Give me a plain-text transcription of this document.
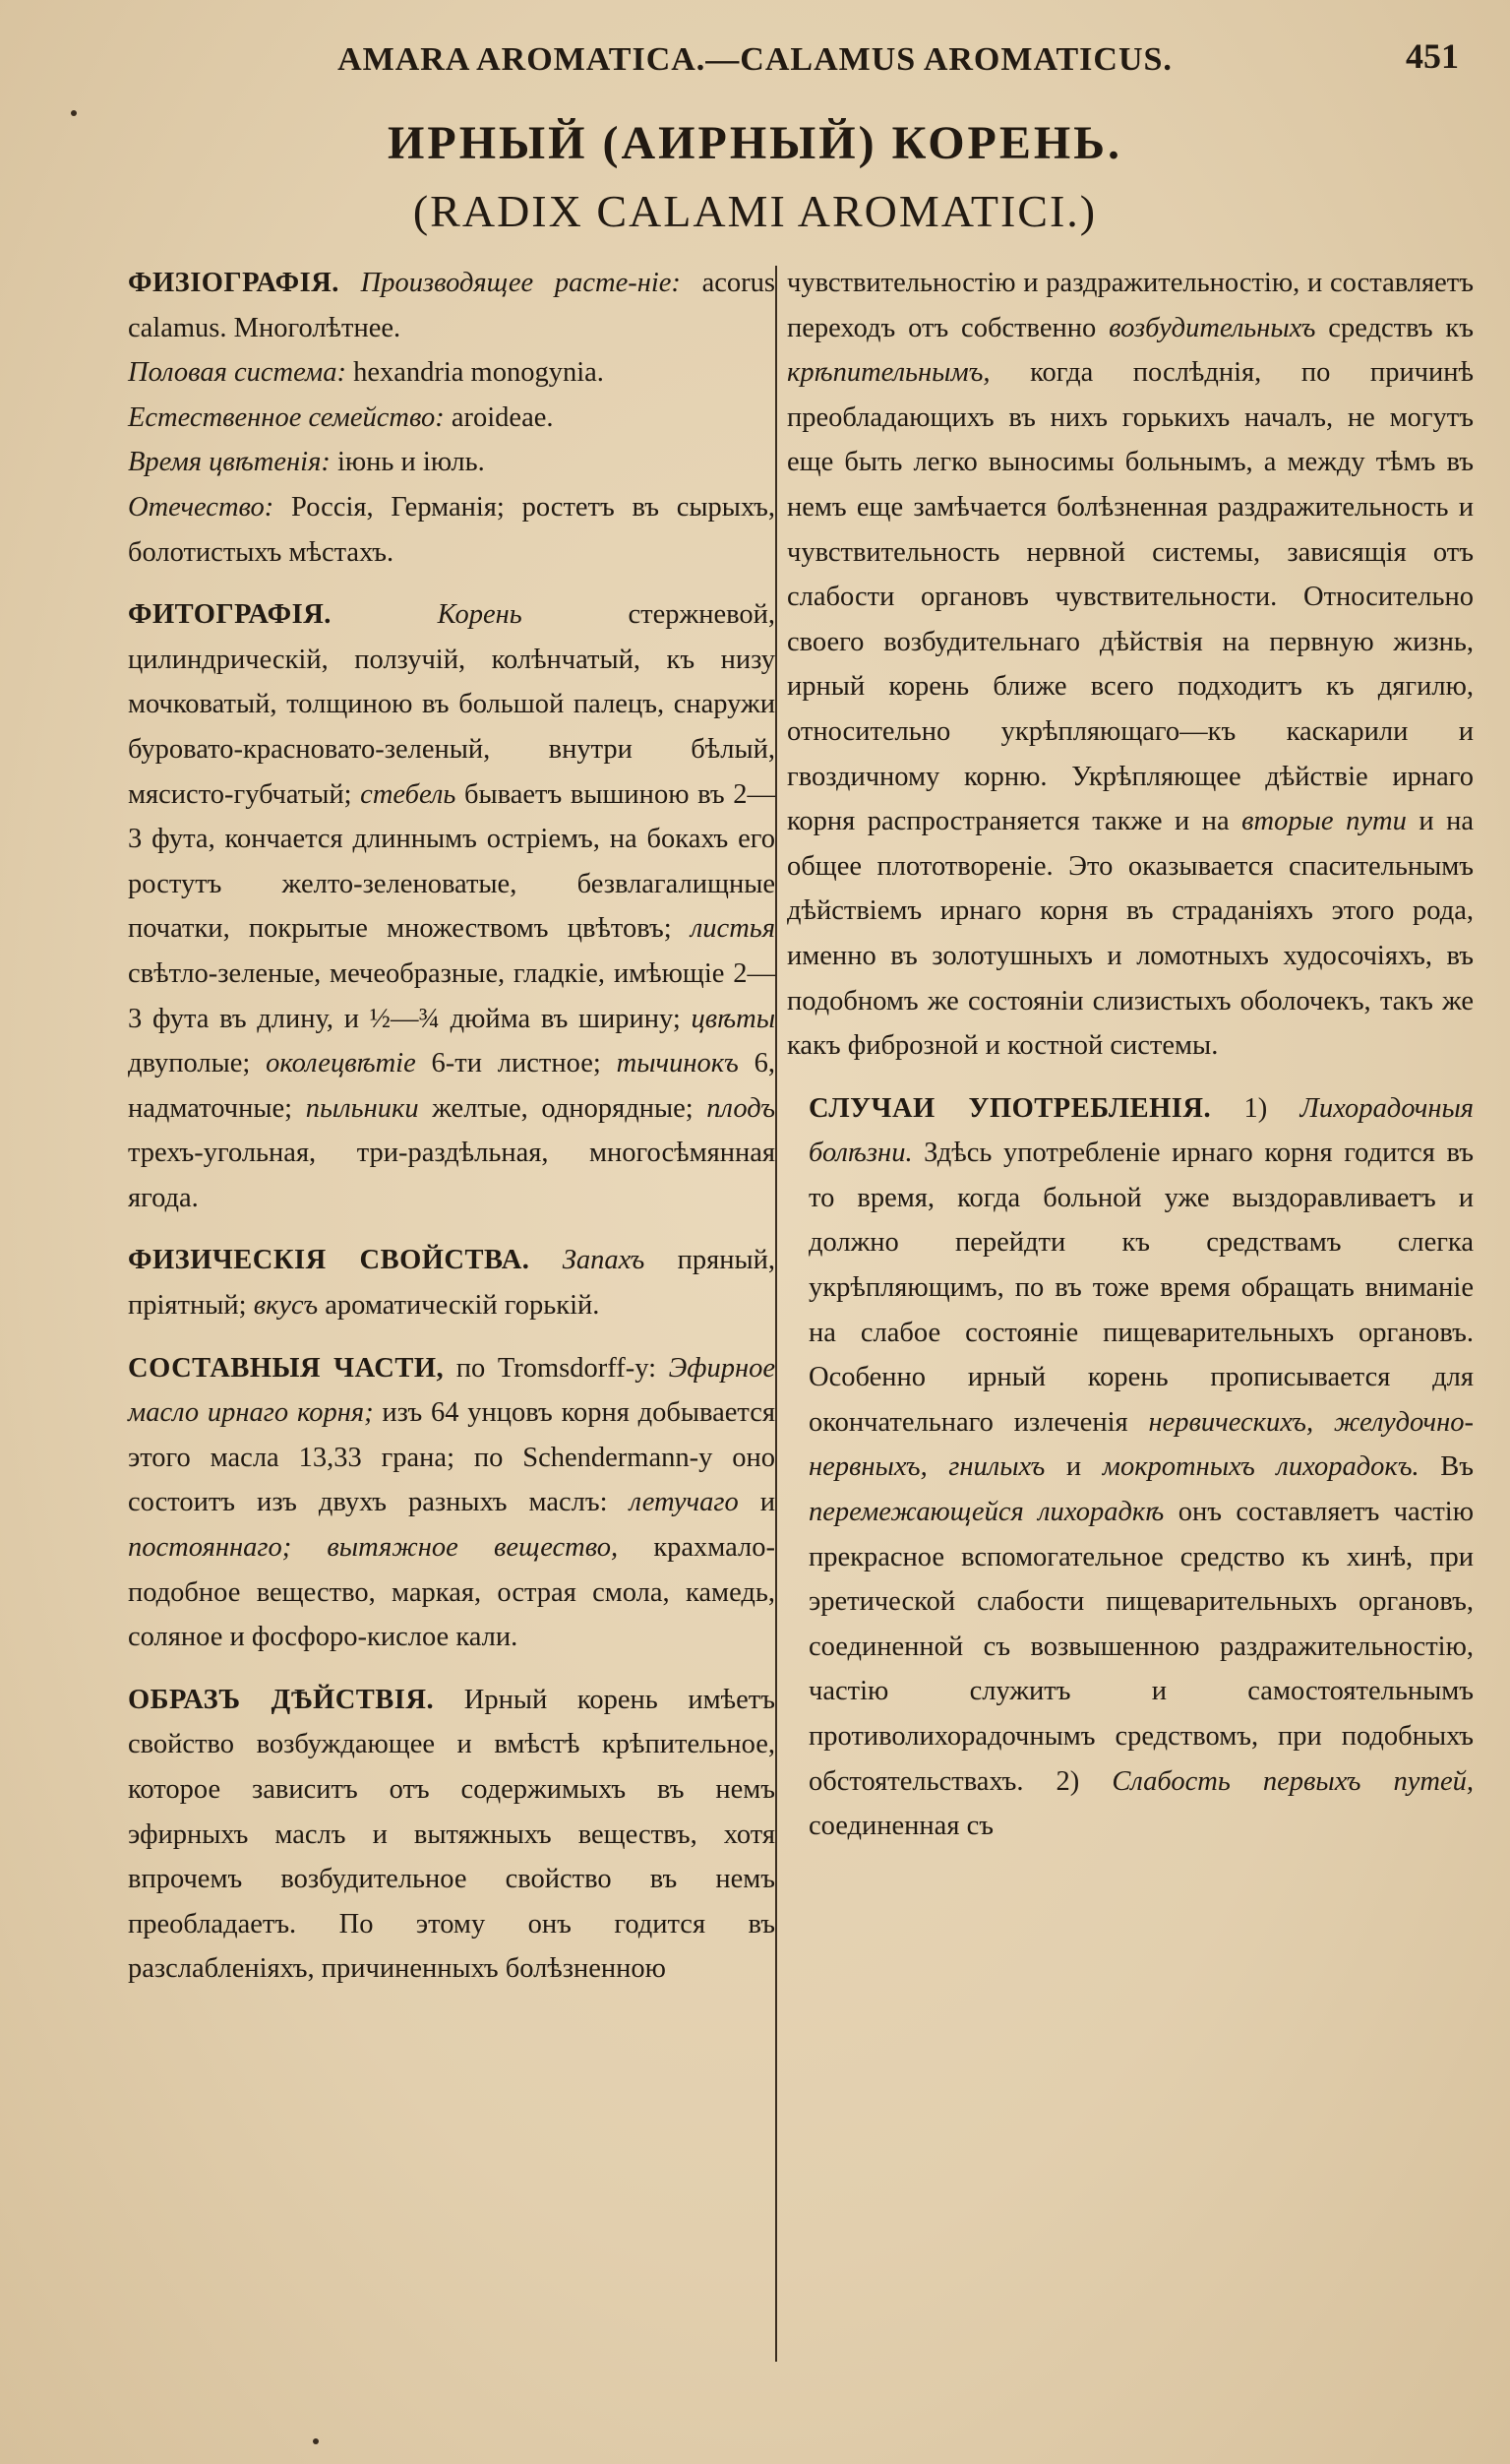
AMARA AROMATICA.—CALAMUS AROMATICUS.	451
ИРНЫЙ (АИРНЫЙ) КОРЕНЬ.
(RADIX CALAMI AROMATICI.)

ФИЗІОГРАФІЯ. Производящее расте-ніе: acorus calamus. Многолѣтнее.

Половая система: hexandria monogynia.

Естественное семейство: aroideae.

Время цвѣтенія: іюнь и іюль.

Отечество: Россія, Германія; ростетъ въ сырыхъ, болотистыхъ мѣстахъ.

ФИТОГРАФІЯ.	Корень	стержневой, цилиндрическій, ползучій, колѣнчатый, къ низу мочковатый, толщиною въ большой палецъ, снаружи буровато-красновато-зеленый, внутри бѣлый, мясисто-губчатый; стебель бываетъ вышиною въ 2—3 фута, кончается длиннымъ остріемъ, на бокахъ его ростутъ желто-зеленоватые, безвлагалищные початки, покрытые множествомъ цвѣтовъ; листья свѣтло-зеленые, мечеобразные, гладкіе, имѣющіе 2—3 фута въ длину, и ½—¾ дюйма въ ширину; цвѣты двуполые; околецвѣтіе 6-ти листное; тычинокъ 6, надматочные; пыльники желтые, однорядные; плодъ трехъ-угольная, три-раздѣльная, многосѣмянная ягода.

ФИЗИЧЕСКІЯ СВОЙСТВА. Запахъ пряный, пріятный; вкусъ ароматическій горькій.

СОСТАВНЫЯ ЧАСТИ, по Tromsdorff-у: Эфирное масло ирнаго корня; изъ 64 унцовъ корня добывается этого масла 13,33 грана; по Schendermann-у оно состоитъ изъ двухъ разныхъ маслъ: летучаго и постояннаго; вытяжное вещество, крахмало-подобное вещество, маркая, острая смола, камедь, соляное и фосфоро-кислое кали.

ОБРАЗЪ ДѢЙСТВІЯ. Ирный корень имѣетъ свойство возбуждающее и вмѣстѣ крѣпительное, которое зависитъ отъ содержимыхъ въ немъ эфирныхъ маслъ и вытяжныхъ веществъ, хотя впрочемъ возбудительное свойство въ немъ преобладаетъ. По этому онъ годится въ разслабленіяхъ, причиненныхъ болѣзненною

чувствительностію и раздражительностію, и составляетъ переходъ отъ собственно возбудительныхъ средствъ къ крѣпительнымъ, когда послѣднія, по причинѣ преобладающихъ въ нихъ горькихъ началъ, не могутъ еще быть легко выносимы больнымъ, а между тѣмъ въ немъ еще замѣчается болѣзненная раздражительность и чувствительность нервной системы, зависящія отъ слабости органовъ чувствительности. Относительно своего возбудительнаго дѣйствія на первную жизнь, ирный корень ближе всего подходитъ къ дягилю, относительно укрѣпляющаго—къ каскарили и гвоздичному корню. Укрѣпляющее дѣйствіе ирнаго корня распространяется также и на вторые пути и на общее плототвореніе. Это оказывается спасительнымъ дѣйствіемъ ирнаго корня въ страданіяхъ этого рода, именно въ золотушныхъ и ломотныхъ худосочіяхъ, въ подобномъ же состояніи слизистыхъ оболочекъ, такъ же какъ фиброзной и костной системы.

СЛУЧАИ УПОТРЕБЛЕНІЯ. 1) Лихорадочныя болѣзни. Здѣсь употребленіе ирнаго корня годится въ то время, когда больной уже выздоравливаетъ и должно перейдти къ средствамъ слегка укрѣпляющимъ, по въ тоже время обращать вниманіе на слабое состояніе пищеварительныхъ органовъ. Особенно ирный корень прописывается для окончательнаго излеченія нервическихъ, желудочно-нервныхъ, гнилыхъ и мокротныхъ лихорадокъ. Въ перемежающейся лихорадкѣ онъ составляетъ частію прекрасное вспомогательное средство къ хинѣ, при эретической слабости пищеварительныхъ органовъ, соединенной съ возвышенною раздражительностію, частію служитъ и самостоятельнымъ противолихорадочнымъ средствомъ, при подобныхъ обстоятельствахъ. 2) Слабость первыхъ путей, соединенная съ
